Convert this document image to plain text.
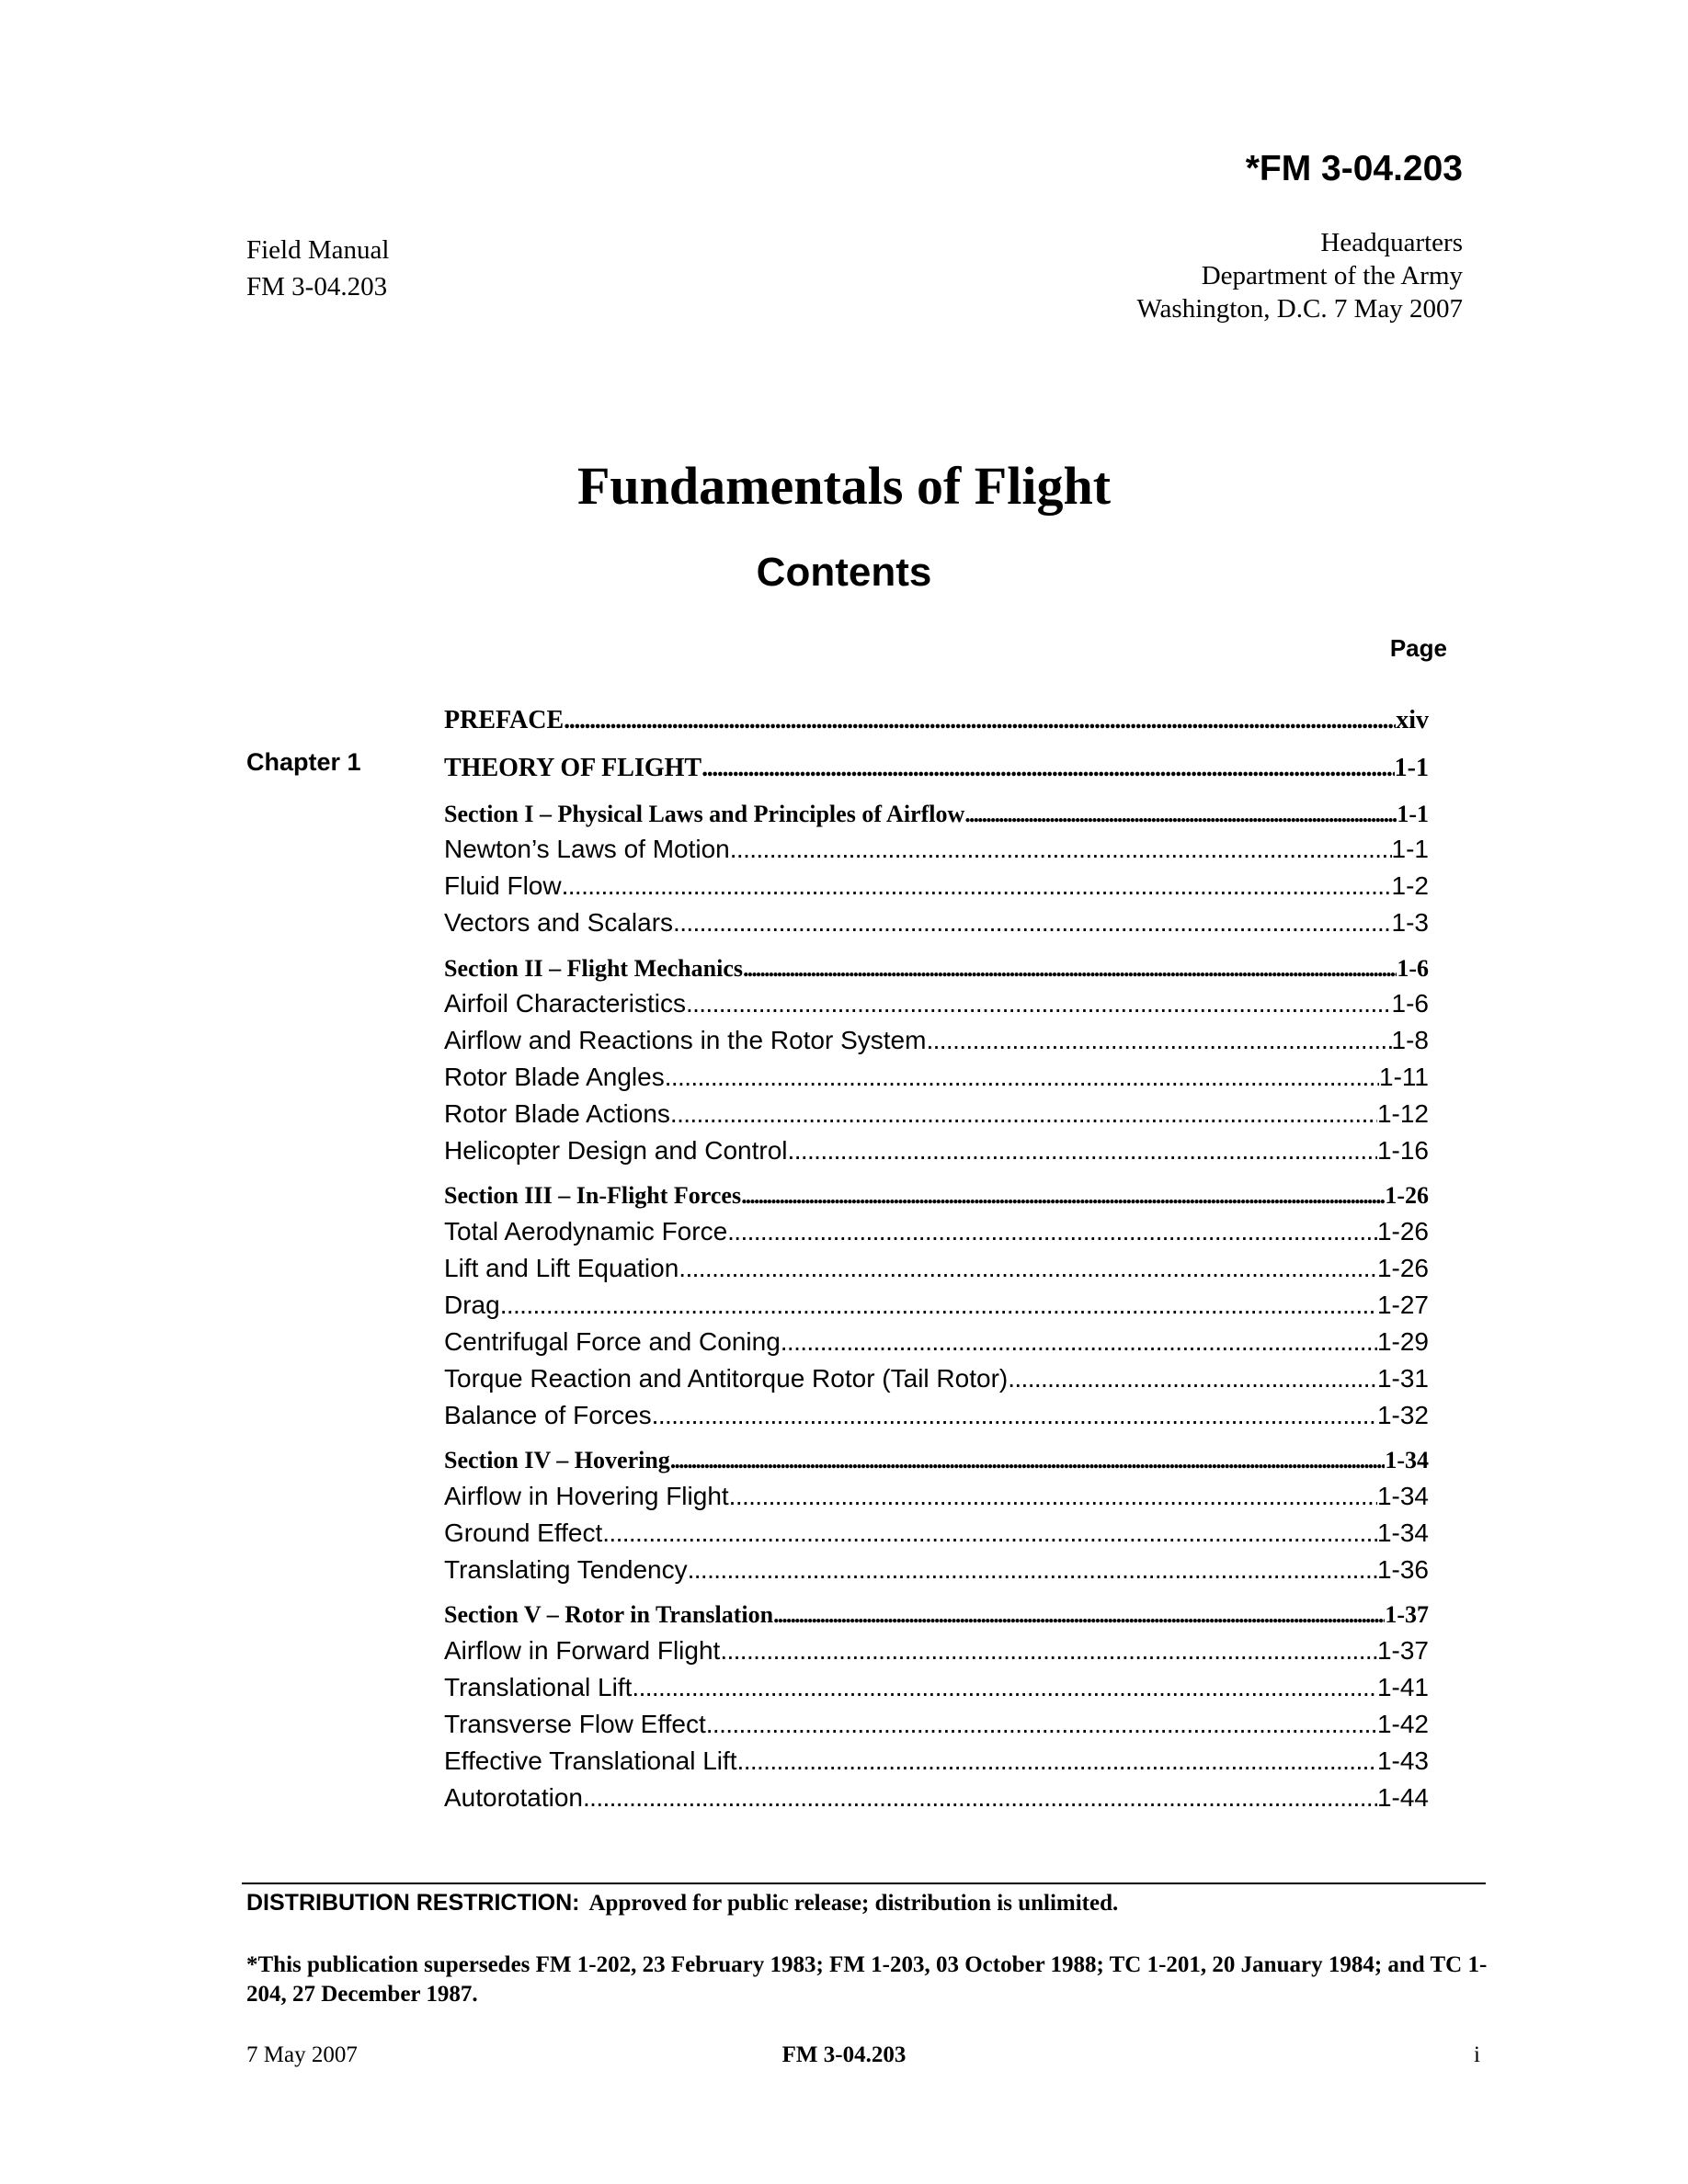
*FM 3-04.203
Field Manual
FM 3-04.203
Headquarters
Department of the Army
Washington, D.C. 7 May 2007
Fundamentals of Flight
Contents
Page
Chapter 1
PREFACE . . .	xiv
THEORY OF FLIGHT . . .	1-1
Section I – Physical Laws and Principles of Airflow . . .	1-1
Newton’s Laws of Motion . . .	1-1
Fluid Flow . . .	1-2
Vectors and Scalars . . .	1-3
Section II – Flight Mechanics . . .	1-6
Airfoil Characteristics . . .	1-6
Airflow and Reactions in the Rotor System . . .	1-8
Rotor Blade Angles . . .	1-11
Rotor Blade Actions . . .	1-12
Helicopter Design and Control . . .	1-16
Section III – In-Flight Forces . . .	1-26
Total Aerodynamic Force . . .	1-26
Lift and Lift Equation . . .	1-26
Drag . . .	1-27
Centrifugal Force and Coning . . .	1-29
Torque Reaction and Antitorque Rotor (Tail Rotor) . . .	1-31
Balance of Forces . . .	1-32
Section IV – Hovering . . .	1-34
Airflow in Hovering Flight . . .	1-34
Ground Effect . . .	1-34
Translating Tendency . . .	1-36
Section V – Rotor in Translation . . .	1-37
Airflow in Forward Flight . . .	1-37
Translational Lift . . .	1-41
Transverse Flow Effect . . .	1-42
Effective Translational Lift . . .	1-43
Autorotation . . .	1-44
DISTRIBUTION RESTRICTION: Approved for public release; distribution is unlimited.
*This publication supersedes FM 1-202, 23 February 1983; FM 1-203, 03 October 1988; TC 1-201, 20 January 1984; and TC 1-204, 27 December 1987.
7 May 2007	FM 3-04.203	i
